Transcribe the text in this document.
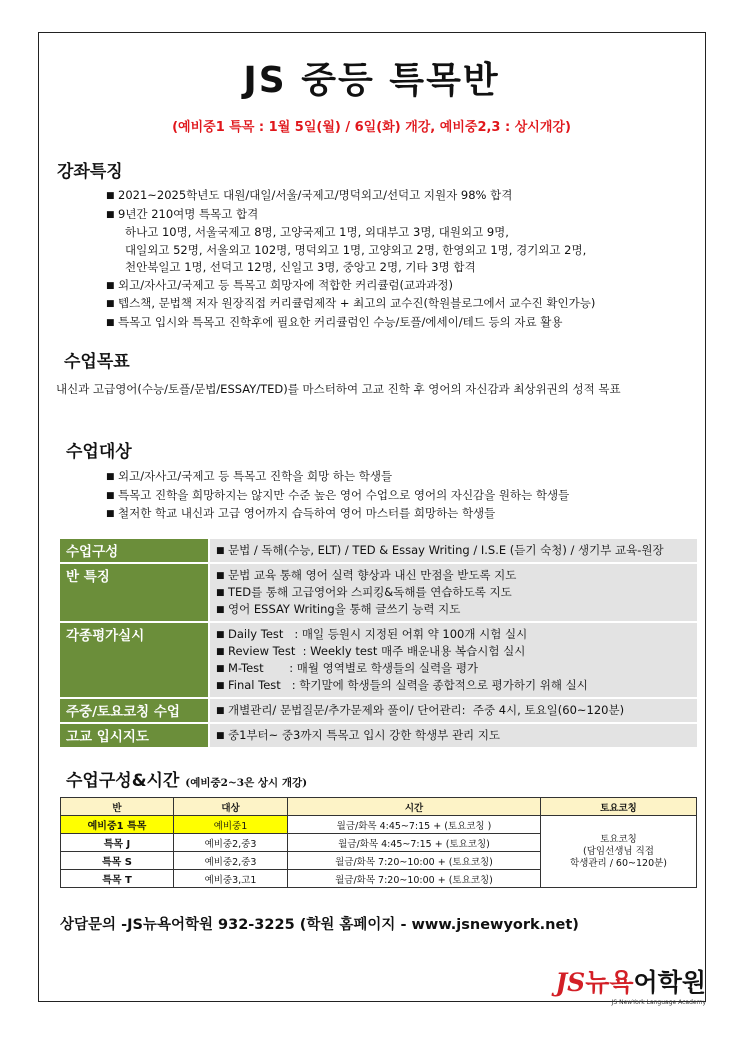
JS 중등 특목반
(예비중1 특목 : 1월 5일(월) / 6일(화) 개강, 예비중2,3 : 상시개강)
강좌특징
■ 2021~2025학년도 대원/대일/서울/국제고/명덕외고/선덕고 지원자 98% 합격
■ 9년간 210여명 특목고 합격
하나고 10명, 서울국제고 8명, 고양국제고 1명, 외대부고 3명, 대원외고 9명,
대일외고 52명, 서울외고 102명, 명덕외고 1명, 고양외고 2명, 한영외고 1명, 경기외고 2명,
천안북일고 1명, 선덕고 12명, 신일고 3명, 중앙고 2명, 기타 3명 합격
■ 외고/자사고/국제고 등 특목고 희망자에 적합한 커리큘럼(교과과정)
■ 텝스책, 문법책 저자 원장직접 커리큘럼제작 + 최고의 교수진(학원블로그에서 교수진 확인가능)
■ 특목고 입시와 특목고 진학후에 필요한 커리큘럼인 수능/토플/에세이/테드 등의 자료 활용
수업목표
내신과 고급영어(수능/토플/문법/ESSAY/TED)를 마스터하여 고교 진학 후 영어의 자신감과 최상위권의 성적 목표
수업대상
■ 외고/자사고/국제고 등 특목고 진학을 희망 하는 학생들
■ 특목고 진학을 희망하지는 않지만 수준 높은 영어 수업으로 영어의 자신감을 원하는 학생들
■ 철저한 학교 내신과 고급 영어까지 습득하여 영어 마스터를 희망하는 학생들
수업구성	■ 문법 / 독해(수능, ELT) / TED & Essay Writing / I.S.E (듣기 숙청) / 생기부 교육-원장
반 특징	■ 문법 교육 통해 영어 실력 향상과 내신 만점을 받도록 지도
■ TED를 통해 고급영어와 스피킹&독해를 연습하도록 지도
■ 영어 ESSAY Writing을 통해 글쓰기 능력 지도
각종평가실시	■ Daily Test   : 매일 등원시 지정된 어휘 약 100개 시험 실시
■ Review Test  : Weekly test 매주 배운내용 복습시험 실시
■ M-Test       : 매월 영역별로 학생들의 실력을 평가
■ Final Test   : 학기말에 학생들의 실력을 종합적으로 평가하기 위해 실시
주중/토요코칭 수업	■ 개별관리/ 문법질문/추가문제와 풀이/ 단어관리:  주중 4시, 토요일(60~120분)
고교 입시지도	■ 중1부터~ 중3까지 특목고 입시 강한 학생부 관리 지도
수업구성&시간 (예비중2~3은 상시 개강)
반	대상	시간	토요코칭
예비중1 특목	예비중1	월금/화목 4:45~7:15 + (토요코칭 )	토요코칭
(담임선생님 직접
학생관리 / 60~120분)

특목 J	예비중2,중3	월금/화목 4:45~7:15 + (토요코칭)	
특목 S	예비중2,중3	월금/화목 7:20~10:00 + (토요코칭)	
특목 T	예비중3,고1	월금/화목 7:20~10:00 + (토요코칭)	
상담문의 -JS뉴욕어학원 932-3225 (학원 홈페이지 - www.jsnewyork.net)
JS뉴욕어학원
JS NewYork Language Academy
